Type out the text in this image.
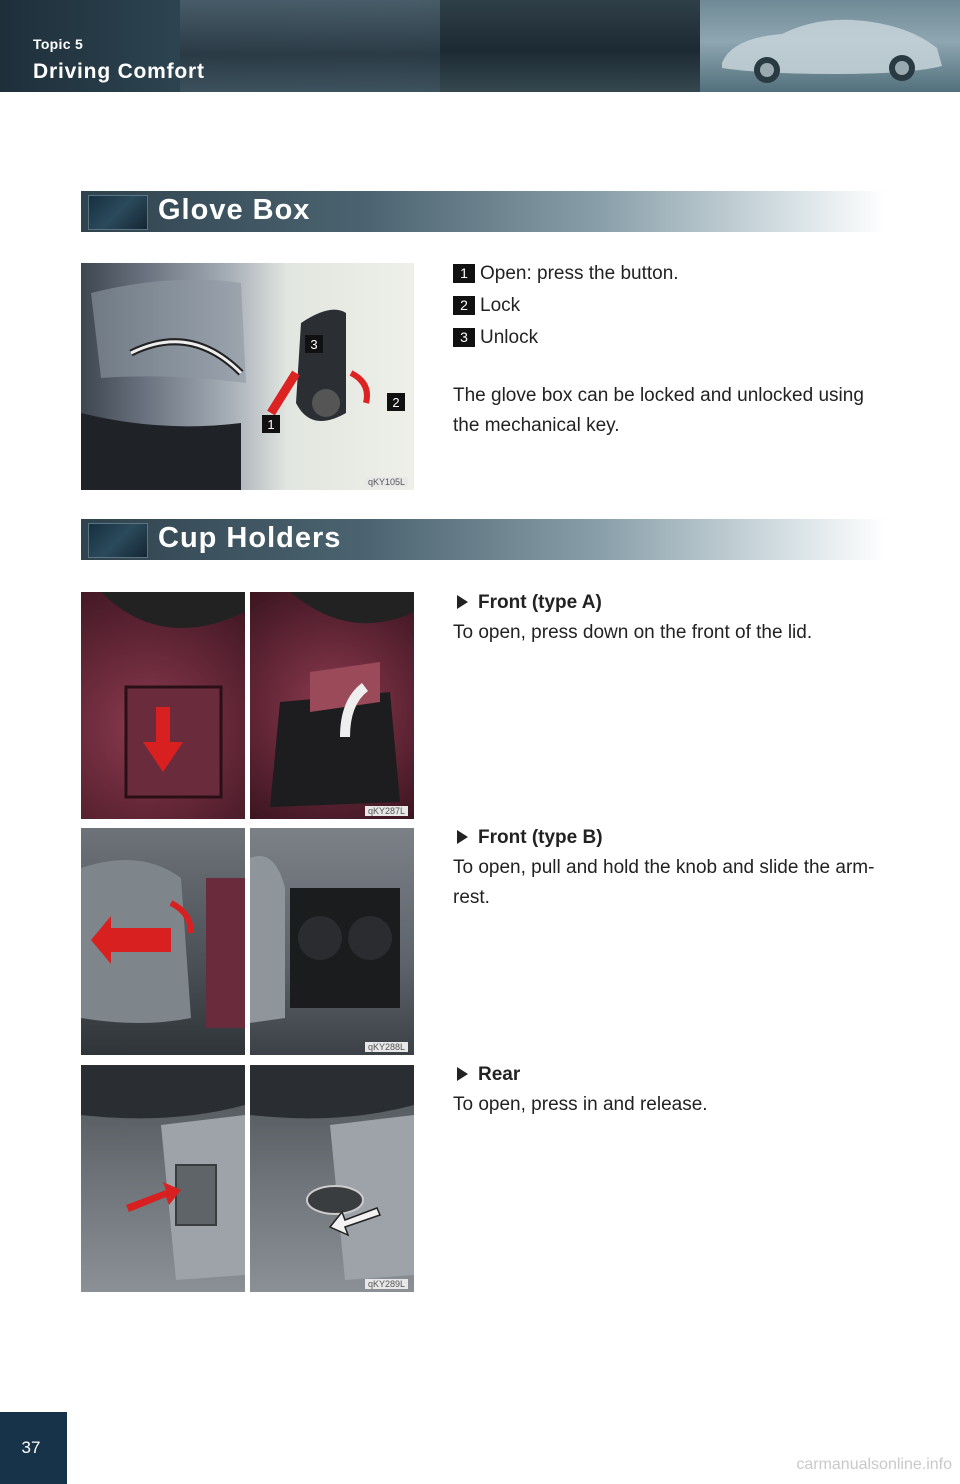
Topic 5
Driving Comfort
Glove Box
3
2
1
qKY105L
1 Open: press the button.
2 Lock
3 Unlock
The glove box can be locked and unlocked using
the mechanical key.
Cup Holders
qKY287L
Front (type A)
To open, press down on the front of the lid.
qKY288L
Front (type B)
To open, pull and hold the knob and slide the arm-
rest.
qKY289L
Rear
To open, press in and release.
37
carmanualsonline.info
